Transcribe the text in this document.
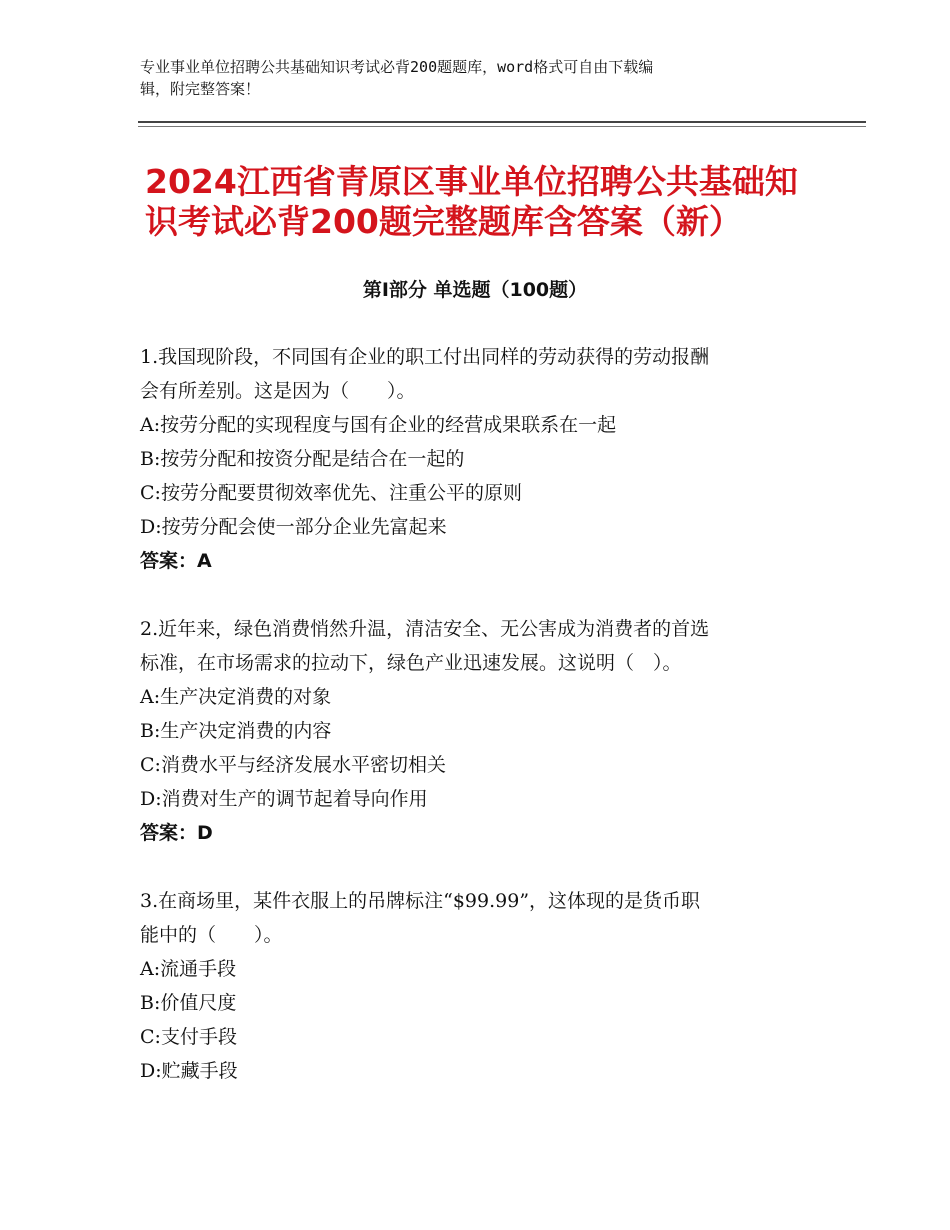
专业事业单位招聘公共基础知识考试必背200题题库，word格式可自由下载编
辑，附完整答案！
2024江西省青原区事业单位招聘公共基础知
识考试必背200题完整题库含答案（新）
第Ⅰ部分 单选题（100题）

1.我国现阶段，不同国有企业的职工付出同样的劳动获得的劳动报酬

会有所差别。这是因为（　　）。

A:按劳分配的实现程度与国有企业的经营成果联系在一起

B:按劳分配和按资分配是结合在一起的

C:按劳分配要贯彻效率优先、注重公平的原则

D:按劳分配会使一部分企业先富起来

答案：A

2.近年来，绿色消费悄然升温，清洁安全、无公害成为消费者的首选

标准，在市场需求的拉动下，绿色产业迅速发展。这说明（　）。

A:生产决定消费的对象

B:生产决定消费的内容

C:消费水平与经济发展水平密切相关

D:消费对生产的调节起着导向作用

答案：D

3.在商场里，某件衣服上的吊牌标注“$99.99”，这体现的是货币职

能中的（　　）。

A:流通手段

B:价值尺度

C:支付手段

D:贮藏手段
